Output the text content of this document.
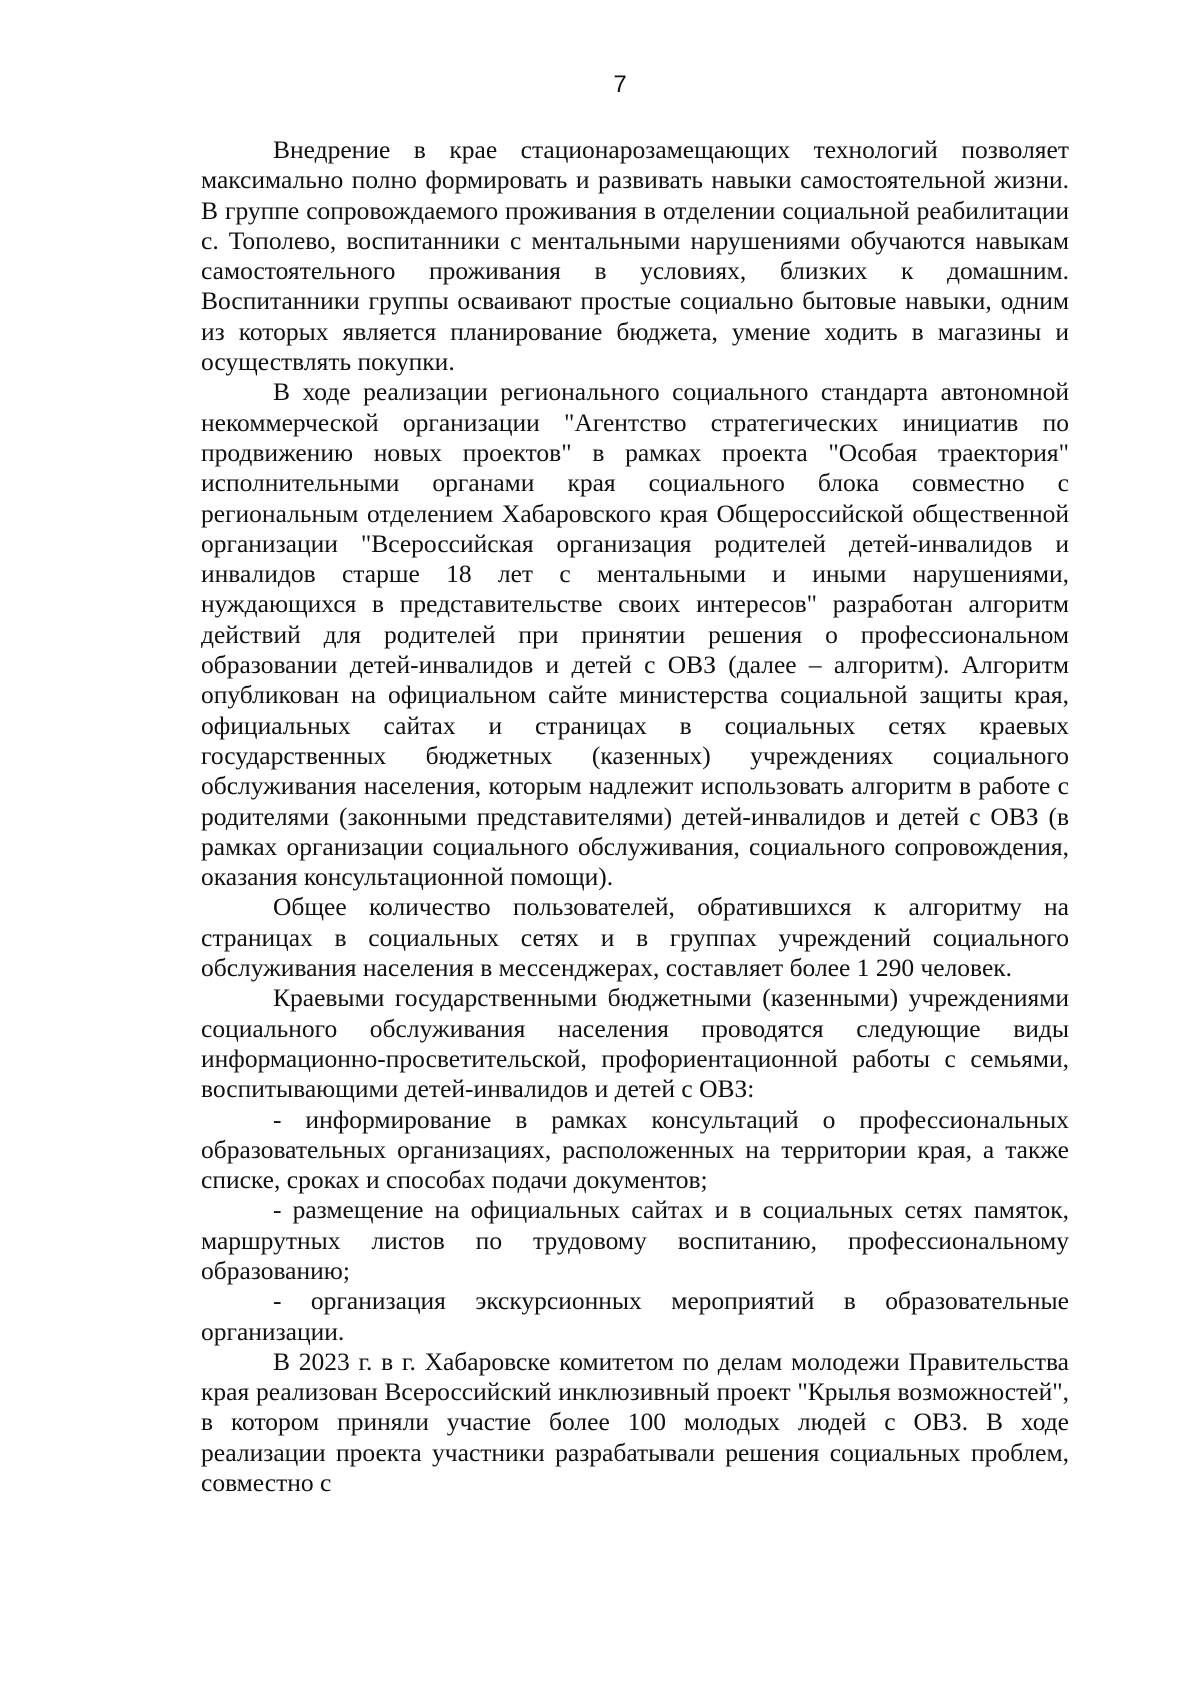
7

Внедрение в крае стационарозамещающих технологий позволяет максимально полно формировать и развивать навыки самостоятельной жизни. В группе сопровождаемого проживания в отделении социальной реабилитации с. Тополево, воспитанники с ментальными нарушениями обучаются навыкам самостоятельного проживания в условиях, близких к домашним. Воспитанники группы осваивают простые социально бытовые навыки, одним из которых является планирование бюджета, умение ходить в магазины и осуществлять покупки.

В ходе реализации регионального социального стандарта автономной некоммерческой организации "Агентство стратегических инициатив по продвижению новых проектов" в рамках проекта "Особая траектория" исполнительными органами края социального блока совместно с региональным отделением Хабаровского края Общероссийской общественной организации "Всероссийская организация родителей детей-инвалидов и инвалидов старше 18 лет с ментальными и иными нарушениями, нуждающихся в представительстве своих интересов" разработан алгоритм действий для родителей при принятии решения о профессиональном образовании детей-инвалидов и детей с ОВЗ (далее – алгоритм). Алгоритм опубликован на официальном сайте министерства социальной защиты края, официальных сайтах и страницах в социальных сетях краевых государственных бюджетных (казенных) учреждениях социального обслуживания населения, которым надлежит использовать алгоритм в работе с родителями (законными представителями) детей-инвалидов и детей с ОВЗ (в рамках организации социального обслуживания, социального сопровождения, оказания консультационной помощи).

Общее количество пользователей, обратившихся к алгоритму на страницах в социальных сетях и в группах учреждений социального обслуживания населения в мессенджерах, составляет более 1 290 человек.

Краевыми государственными бюджетными (казенными) учреждениями социального обслуживания населения проводятся следующие виды информационно-просветительской, профориентационной работы с семьями, воспитывающими детей-инвалидов и детей с ОВЗ:

- информирование в рамках консультаций о профессиональных образовательных организациях, расположенных на территории края, а также списке, сроках и способах подачи документов;

- размещение на официальных сайтах и в социальных сетях памяток, маршрутных листов по трудовому воспитанию, профессиональному образованию;

- организация экскурсионных мероприятий в образовательные организации.

В 2023 г. в г. Хабаровске комитетом по делам молодежи Правительства края реализован Всероссийский инклюзивный проект "Крылья возможностей", в котором приняли участие более 100 молодых людей с ОВЗ. В ходе реализации проекта участники разрабатывали решения социальных проблем, совместно с
